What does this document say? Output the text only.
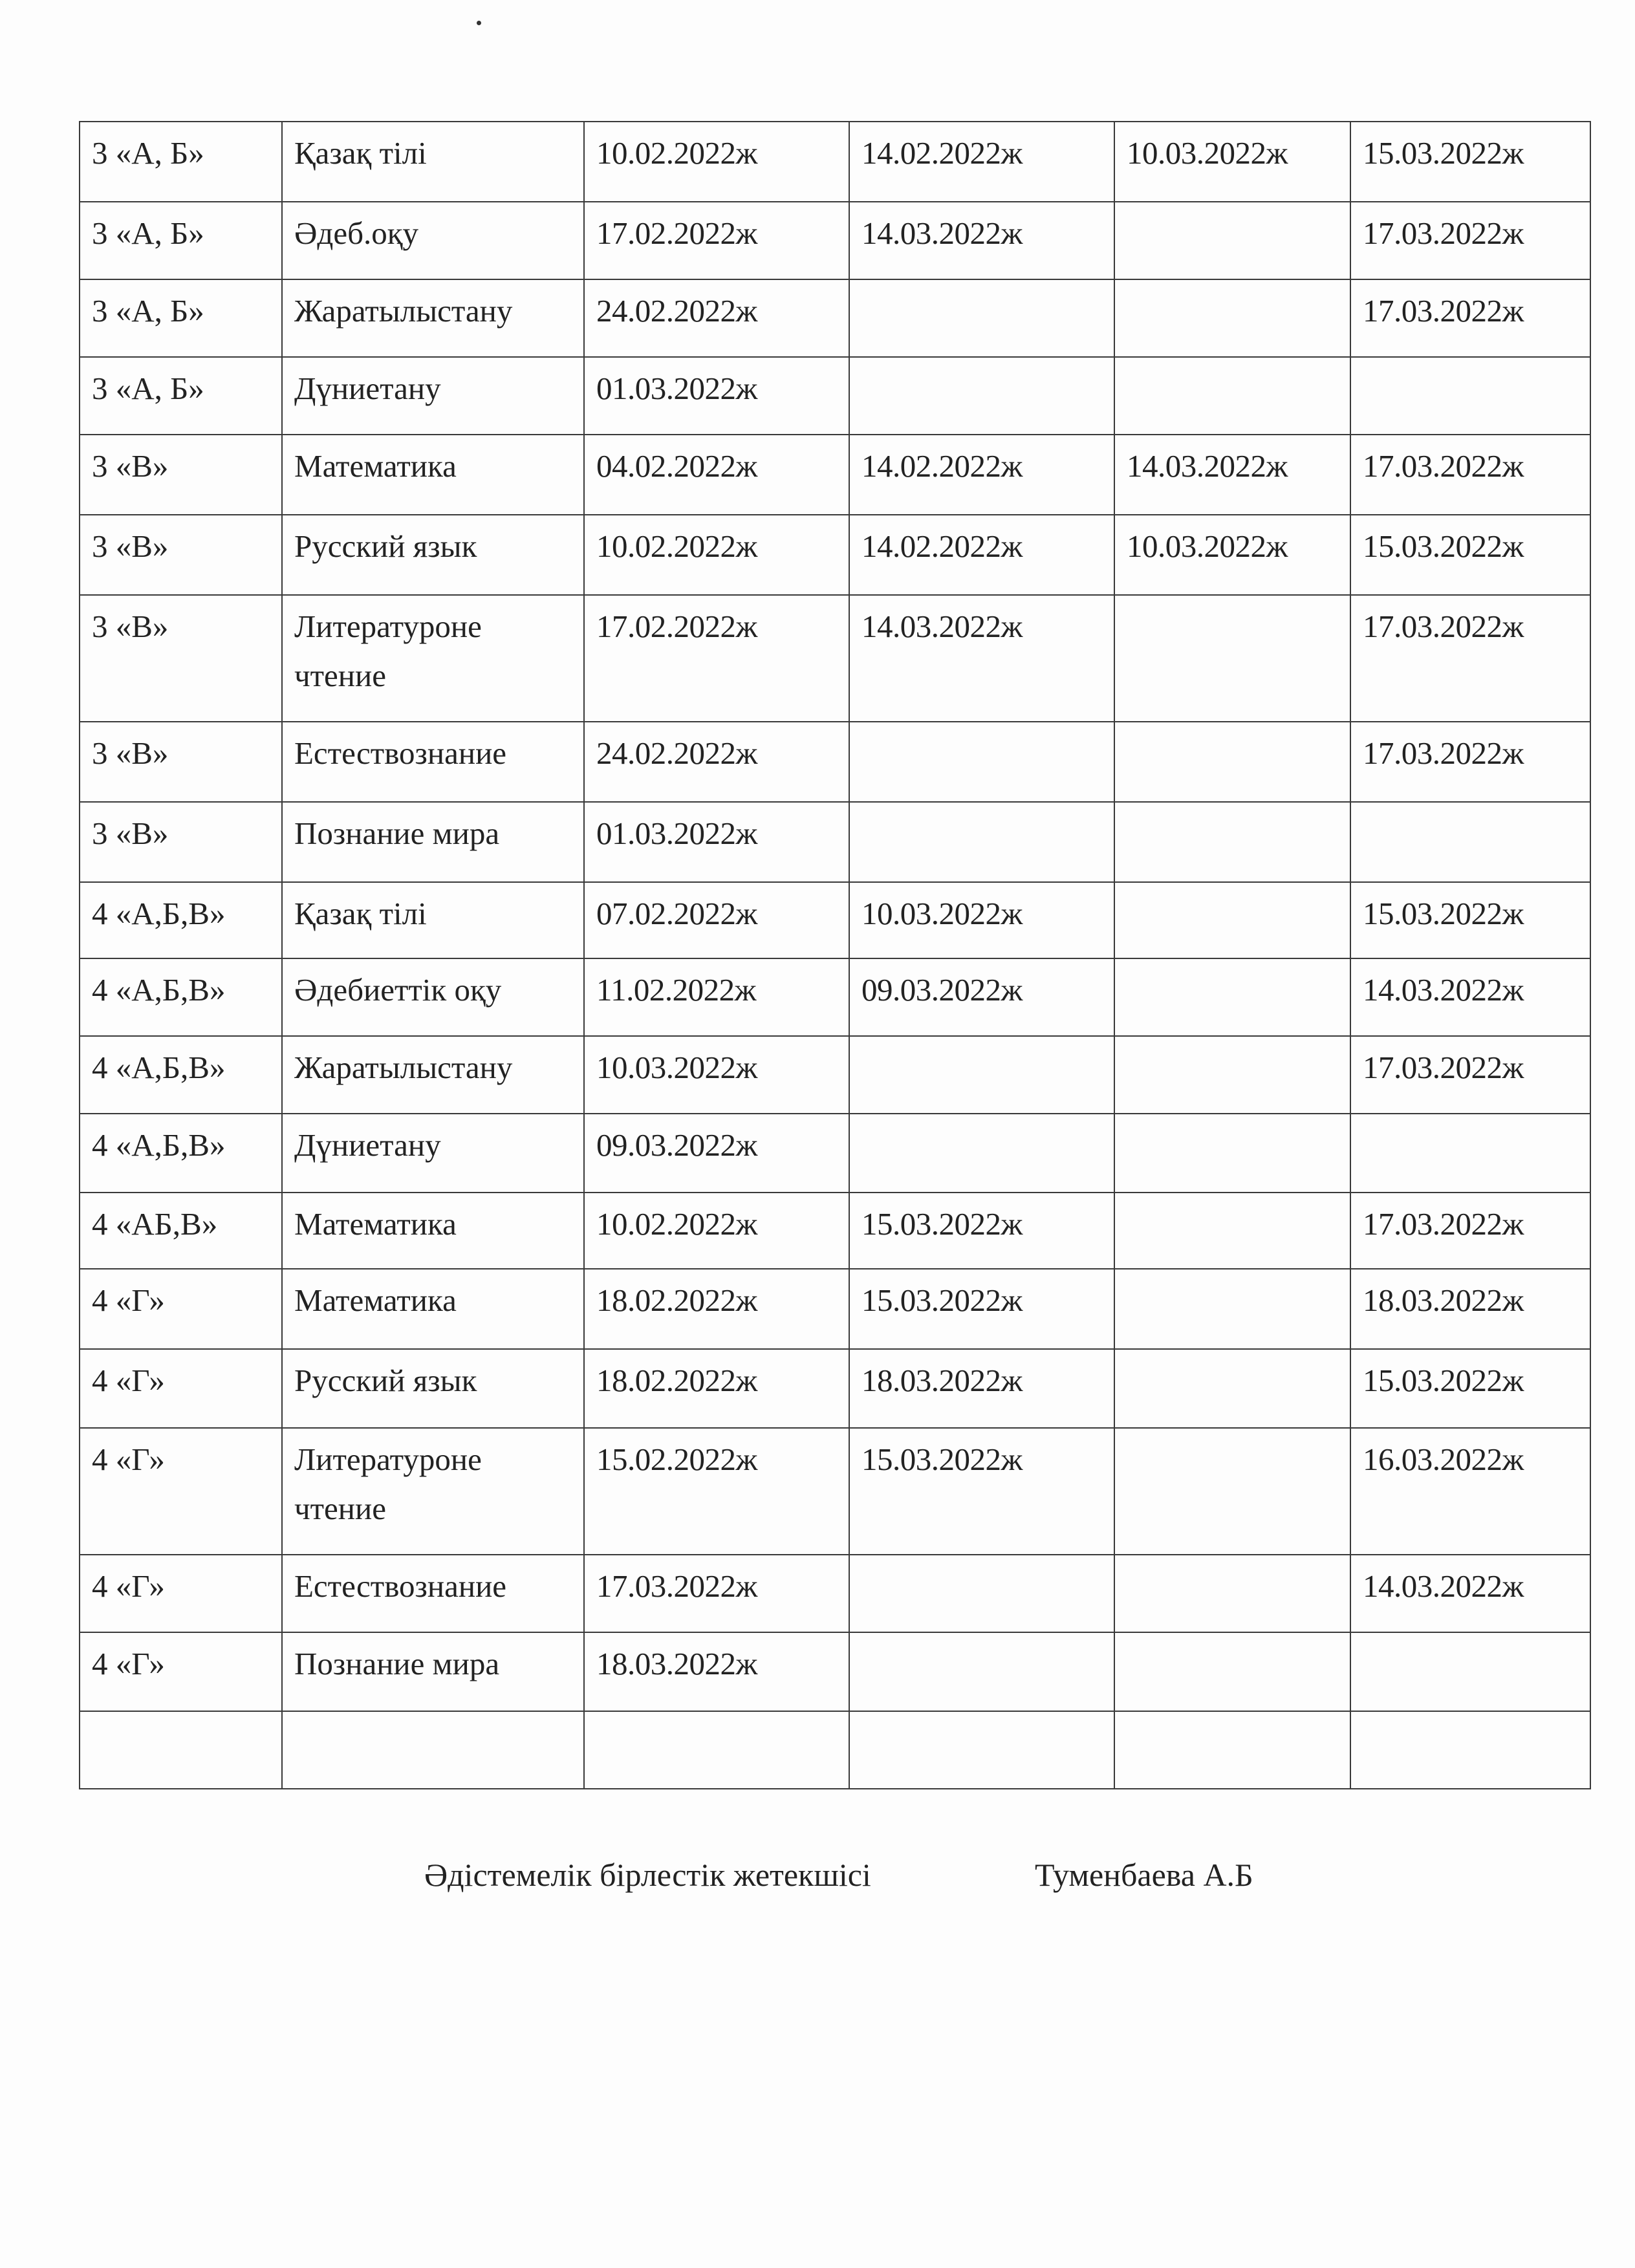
3 «А, Б»	Қазақ тілі	10.02.2022ж	14.02.2022ж	10.03.2022ж	15.03.2022ж
3 «А, Б»	Әдеб.оқу	17.02.2022ж	14.03.2022ж		17.03.2022ж
3 «А, Б»	Жаратылыстану	24.02.2022ж			17.03.2022ж
3 «А, Б»	Дүниетану	01.03.2022ж			
3 «В»	Математика	04.02.2022ж	14.02.2022ж	14.03.2022ж	17.03.2022ж
3 «В»	Русский язык	10.02.2022ж	14.02.2022ж	10.03.2022ж	15.03.2022ж
3 «В»	Литературоне чтение	17.02.2022ж	14.03.2022ж		17.03.2022ж
3 «В»	Естествознание	24.02.2022ж			17.03.2022ж
3 «В»	Познание мира	01.03.2022ж			
4 «А,Б,В»	Қазақ тілі	07.02.2022ж	10.03.2022ж		15.03.2022ж
4 «А,Б,В»	Әдебиеттік оқу	11.02.2022ж	09.03.2022ж		14.03.2022ж
4 «А,Б,В»	Жаратылыстану	10.03.2022ж			17.03.2022ж
4 «А,Б,В»	Дүниетану	09.03.2022ж			
4 «АБ,В»	Математика	10.02.2022ж	15.03.2022ж		17.03.2022ж
4 «Г»	Математика	18.02.2022ж	15.03.2022ж		18.03.2022ж
4 «Г»	Русский язык	18.02.2022ж	18.03.2022ж		15.03.2022ж
4 «Г»	Литературоне чтение	15.02.2022ж	15.03.2022ж		16.03.2022ж
4 «Г»	Естествознание	17.03.2022ж			14.03.2022ж
4 «Г»	Познание мира	18.03.2022ж			

Әдістемелік бірлестік жетекшісі	Туменбаева А.Б
